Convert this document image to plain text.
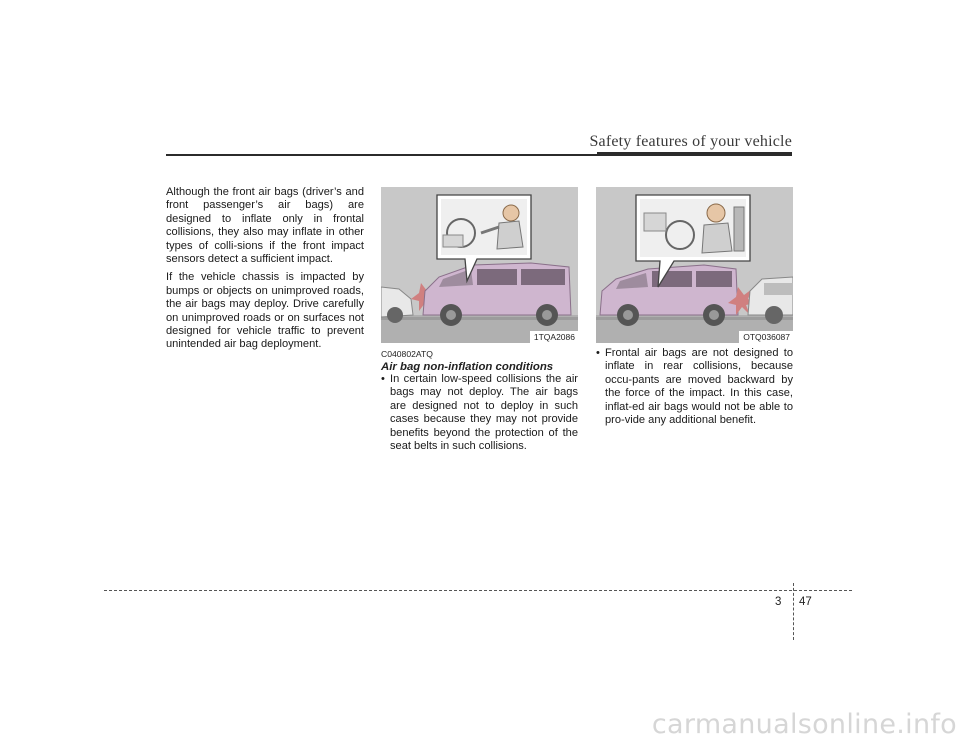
Safety features of your vehicle

Although the front air bags (driver’s and front passenger’s air bags) are designed to inflate only in frontal collisions, they also may inflate in other types of colli-sions if the front impact sensors detect a sufficient impact.

If the vehicle chassis is impacted by bumps or objects on unimproved roads, the air bags may deploy. Drive carefully on unimproved roads or on surfaces not designed for vehicle traffic to prevent unintended air bag deployment.

1TQA2086	OTQ036087
C040802ATQ
Air bag non-inflation conditions
• In certain low-speed collisions the air bags may not deploy. The air bags are designed not to deploy in such cases because they may not provide benefits beyond the protection of the seat belts in such collisions.
• Frontal air bags are not designed to inflate in rear collisions, because occu-pants are moved backward by the force of the impact. In this case, inflat-ed air bags would not be able to pro-vide any additional benefit.
3 47
carmanualsonline.info
